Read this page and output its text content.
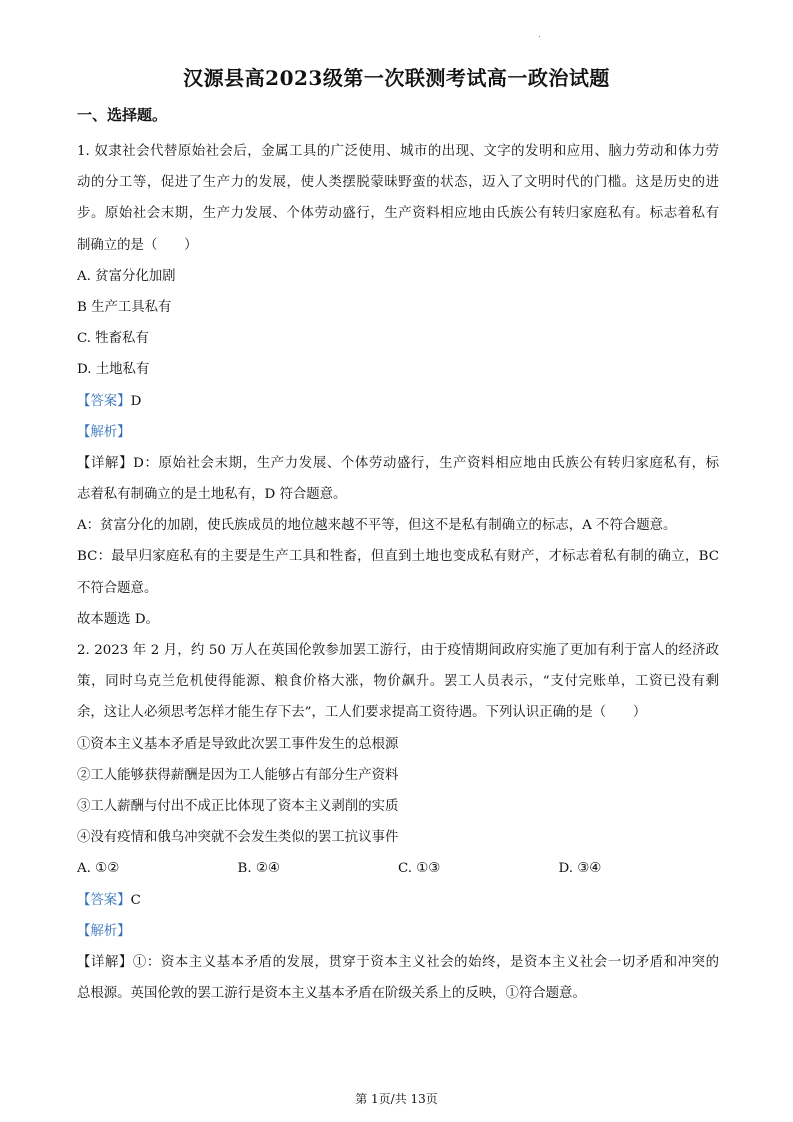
.
汉源县高2023级第一次联测考试高一政治试题
一、选择题。
1. 奴隶社会代替原始社会后，金属工具的广泛使用、城市的出现、文字的发明和应用、脑力劳动和体力劳
动的分工等，促进了生产力的发展，使人类摆脱蒙昧野蛮的状态，迈入了文明时代的门槛。这是历史的进
步。原始社会末期，生产力发展、个体劳动盛行，生产资料相应地由氏族公有转归家庭私有。标志着私有
制确立的是（　　）
A. 贫富分化加剧
B 生产工具私有
C. 牲畜私有
D. 土地私有
【答案】D
【解析】
【详解】D：原始社会末期，生产力发展、个体劳动盛行，生产资料相应地由氏族公有转归家庭私有，标
志着私有制确立的是土地私有，D 符合题意。
A：贫富分化的加剧，使氏族成员的地位越来越不平等，但这不是私有制确立的标志，A 不符合题意。
BC：最早归家庭私有的主要是生产工具和牲畜，但直到土地也变成私有财产，才标志着私有制的确立，BC
不符合题意。
故本题选 D。
2. 2023 年 2 月，约 50 万人在英国伦敦参加罢工游行，由于疫情期间政府实施了更加有利于富人的经济政
策，同时乌克兰危机使得能源、粮食价格大涨，物价飙升。罢工人员表示，“支付完账单，工资已没有剩
余，这让人必须思考怎样才能生存下去”，工人们要求提高工资待遇。下列认识正确的是（　　）
①资本主义基本矛盾是导致此次罢工事件发生的总根源
②工人能够获得薪酬是因为工人能够占有部分生产资料
③工人薪酬与付出不成正比体现了资本主义剥削的实质
④没有疫情和俄乌冲突就不会发生类似的罢工抗议事件
A. ①②	B. ②④	C. ①③	D. ③④
【答案】C
【解析】
【详解】①：资本主义基本矛盾的发展，贯穿于资本主义社会的始终，是资本主义社会一切矛盾和冲突的
总根源。英国伦敦的罢工游行是资本主义基本矛盾在阶级关系上的反映，①符合题意。
第 1页/共 13页
